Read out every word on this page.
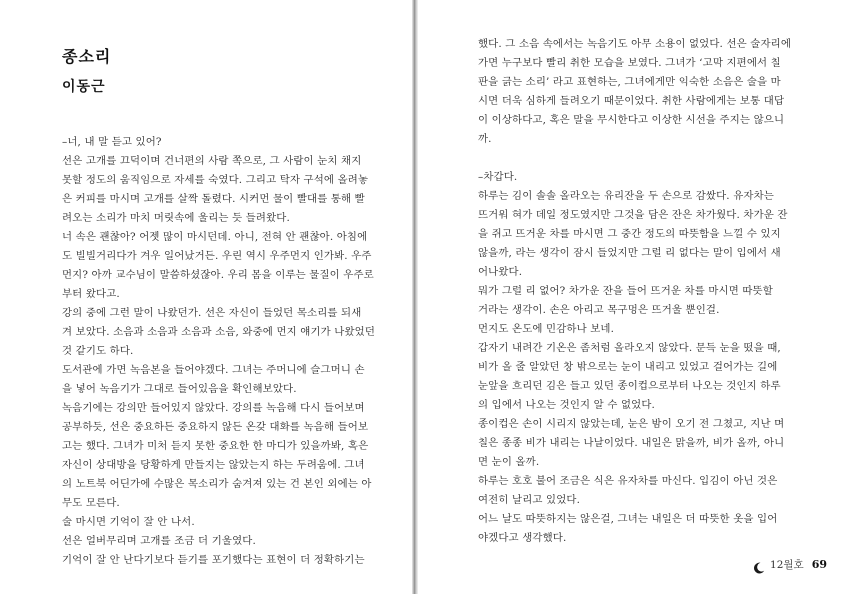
종소리
이동근
–너, 내 말 듣고 있어?
선은 고개를 끄덕이며 건너편의 사람 쪽으로, 그 사람이 눈치 채지
못할 정도의 움직임으로 자세를 숙였다. 그리고 탁자 구석에 올려놓
은 커피를 마시며 고개를 살짝 돌렸다. 시커먼 물이 빨대를 통해 빨
려오는 소리가 마치 머릿속에 울리는 듯 들려왔다.
너 속은 괜찮아? 어젯 많이 마시던데. 아니, 전혀 안 괜찮아. 아침에
도 빌빌거리다가 겨우 일어났거든. 우린 역시 우주먼지 인가봐. 우주
먼지? 아까 교수님이 말씀하셨잖아. 우리 몸을 이루는 물질이 우주로
부터 왔다고.
강의 중에 그런 말이 나왔던가. 선은 자신이 들었던 목소리를 되새
겨 보았다. 소음과 소음과 소음과 소음, 와중에 먼지 얘기가 나왔었던
것 같기도 하다.
도서관에 가면 녹음본을 들어야겠다. 그녀는 주머니에 슬그머니 손
을 넣어 녹음기가 그대로 들어있음을 확인해보았다.
녹음기에는 강의만 들어있지 않았다. 강의를 녹음해 다시 들어보며
공부하듯, 선은 중요하든 중요하지 않든 온갖 대화를 녹음해 들어보
고는 했다. 그녀가 미처 듣지 못한 중요한 한 마디가 있을까봐, 혹은
자신이 상대방을 당황하게 만들지는 않았는지 하는 두려움에. 그녀
의 노트북 어딘가에 수많은 목소리가 숨겨져 있는 건 본인 외에는 아
무도 모른다.
술 마시면 기억이 잘 안 나서.
선은 얼버무리며 고개를 조금 더 기울였다.
기억이 잘 안 난다기보다 듣기를 포기했다는 표현이 더 정확하기는
했다. 그 소음 속에서는 녹음기도 아무 소용이 없었다. 선은 술자리에
가면 누구보다 빨리 취한 모습을 보였다. 그녀가 ‘고막 지편에서 칠
판을 긁는 소리’ 라고 표현하는, 그녀에게만 익숙한 소음은 술을 마
시면 더욱 심하게 들려오기 때문이었다. 취한 사람에게는 보통 대답
이 이상하다고, 혹은 말을 무시한다고 이상한 시선을 주지는 않으니
까.
–차갑다.
하루는 김이 솔솔 올라오는 유리잔을 두 손으로 감쌌다. 유자차는
뜨거워 혀가 데일 정도였지만 그것을 담은 잔은 차가웠다. 차가운 잔
을 쥐고 뜨거운 차를 마시면 그 중간 정도의 따뜻함을 느낄 수 있지
않을까, 라는 생각이 잠시 들었지만 그럴 리 없다는 말이 입에서 새
어나왔다.
뭐가 그럴 리 없어? 차가운 잔을 들어 뜨거운 차를 마시면 따뜻할
거라는 생각이. 손은 아리고 목구멍은 뜨거울 뿐인걸.
먼지도 온도에 민감하나 보네.
갑자기 내려간 기온은 좀처럼 올라오지 않았다. 문득 눈을 떴을 때,
비가 올 줄 알았던 창 밖으로는 눈이 내리고 있었고 걸어가는 길에
눈앞을 흐리던 김은 들고 있던 종이컵으로부터 나오는 것인지 하루
의 입에서 나오는 것인지 알 수 없었다.
종이컵은 손이 시리지 않았는데, 눈은 밤이 오기 전 그쳤고, 지난 며
칠은 종종 비가 내리는 나날이었다. 내일은 맑을까, 비가 올까, 아니
면 눈이 올까.
하루는 호호 불어 조금은 식은 유자차를 마신다. 입김이 아닌 것은
여전히 날리고 있었다.
어느 날도 따뜻하지는 않은걸, 그녀는 내일은 더 따뜻한 옷을 입어
야겠다고 생각했다.
12월호 69
